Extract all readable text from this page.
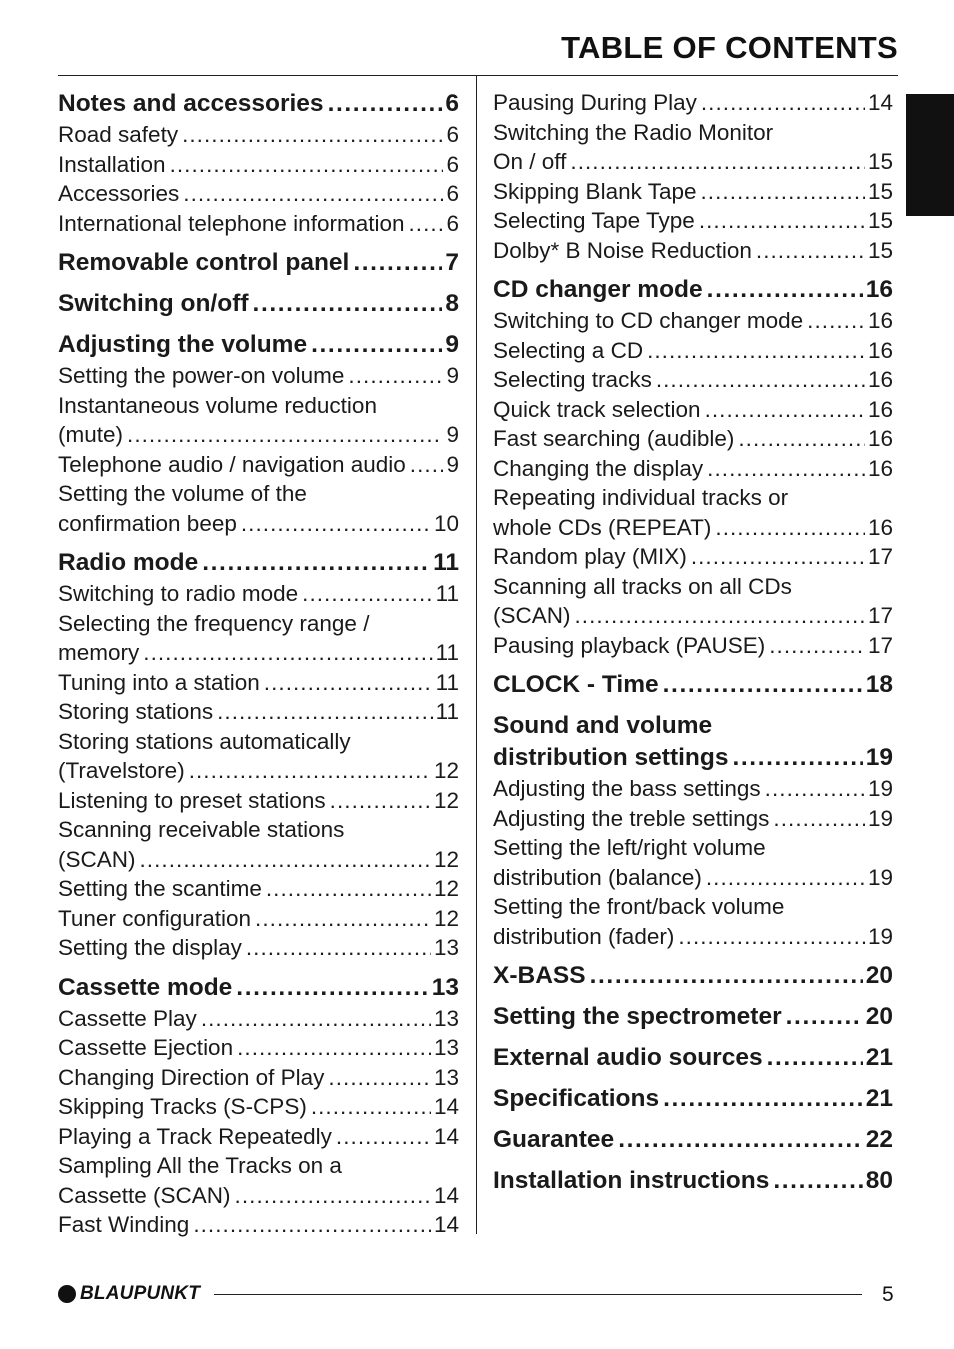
TABLE OF CONTENTS
Notes and accessories . . .	6
Road safety . . .	6
Installation . . .	6
Accessories . . .	6
International telephone information . . . 6
Removable control panel . . .	7
Switching on/off . . .	8
Adjusting the volume . . .	9
Setting the power-on volume . . .	9
Instantaneous volume reduction
(mute) . . .	9
Telephone audio / navigation audio . . . 9
Setting the volume of the
confirmation beep . . .	10
Radio mode . . .	11
Switching to radio mode . . .	11
Selecting the frequency range /
memory . . .	11
Tuning into a station . . .	11
Storing stations . . .	11
Storing stations automatically
(Travelstore) . . .	12
Listening to preset stations . . .	12
Scanning receivable stations
(SCAN) . . .	12
Setting the scantime . . .	12
Tuner configuration . . .	12
Setting the display . . .	13
Cassette mode . . .	13
Cassette Play . . .	13
Cassette Ejection . . .	13
Changing Direction of Play . . .	13
Skipping Tracks (S-CPS) . . .	14
Playing a Track Repeatedly . . .	14
Sampling All the Tracks on a
Cassette (SCAN) . . .	14
Fast Winding . . .	14
Pausing During Play . . .	14
Switching the Radio Monitor
On / off . . .	15
Skipping Blank Tape . . .	15
Selecting Tape Type . . .	15
Dolby* B Noise Reduction . . .	15
CD changer mode . . .	16
Switching to CD changer mode . . .	16
Selecting a CD . . .	16
Selecting tracks . . .	16
Quick track selection . . .	16
Fast searching (audible) . . .	16
Changing the display . . .	16
Repeating individual tracks or
whole CDs (REPEAT) . . .	16
Random play (MIX) . . .	17
Scanning all tracks on all CDs
(SCAN) . . .	17
Pausing playback (PAUSE) . . .	17
CLOCK - Time . . .	18
Sound and volume
distribution settings . . .	19
Adjusting the bass settings . . .	19
Adjusting the treble settings . . .	19
Setting the left/right volume
distribution (balance) . . .	19
Setting the front/back volume
distribution (fader) . . .	19
X-BASS . . .	20
Setting the spectrometer . . .	20
External audio sources . . .	21
Specifications . . .	21
Guarantee . . .	22
Installation instructions . . .	80
BLAUPUNKT	5
